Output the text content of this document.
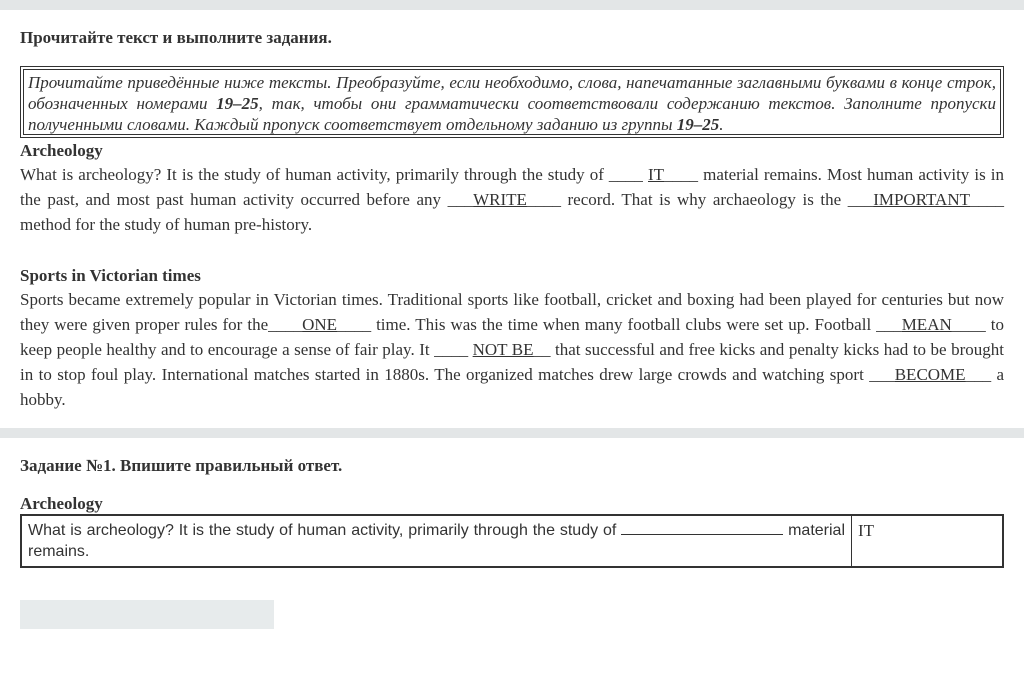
Прочитайте текст и выполните задания.
Прочитайте приведённые ниже тексты. Преобразуйте, если необходимо, слова, напечатанные заглавными буквами в конце строк, обозначенных номерами 19–25, так, чтобы они грамматически соответствовали содержанию текстов. Заполните пропуски полученными словами. Каждый пропуск соответствует отдельному заданию из группы 19–25.
Archeology
What is archeology? It is the study of human activity, primarily through the study of ____ IT____ material remains. Most human activity is in the past, and most past human activity occurred before any ___WRITE____ record. That is why archaeology is the ___IMPORTANT____ method for the study of human pre-history.
Sports in Victorian times
Sports became extremely popular in Victorian times. Traditional sports like football, cricket and boxing had been played for centuries but now they were given proper rules for the____ONE____ time. This was the time when many football clubs were set up. Football ___MEAN____ to keep people healthy and to encourage a sense of fair play. It ____ NOT BE__ that successful and free kicks and penalty kicks had to be brought in to stop foul play. International matches started in 1880s. The organized matches drew large crowds and watching sport ___BECOME___ a hobby.
Задание №1. Впишите правильный ответ.
Archeology
What is archeology? It is the study of human activity, primarily through the study of	material remains.
IT
